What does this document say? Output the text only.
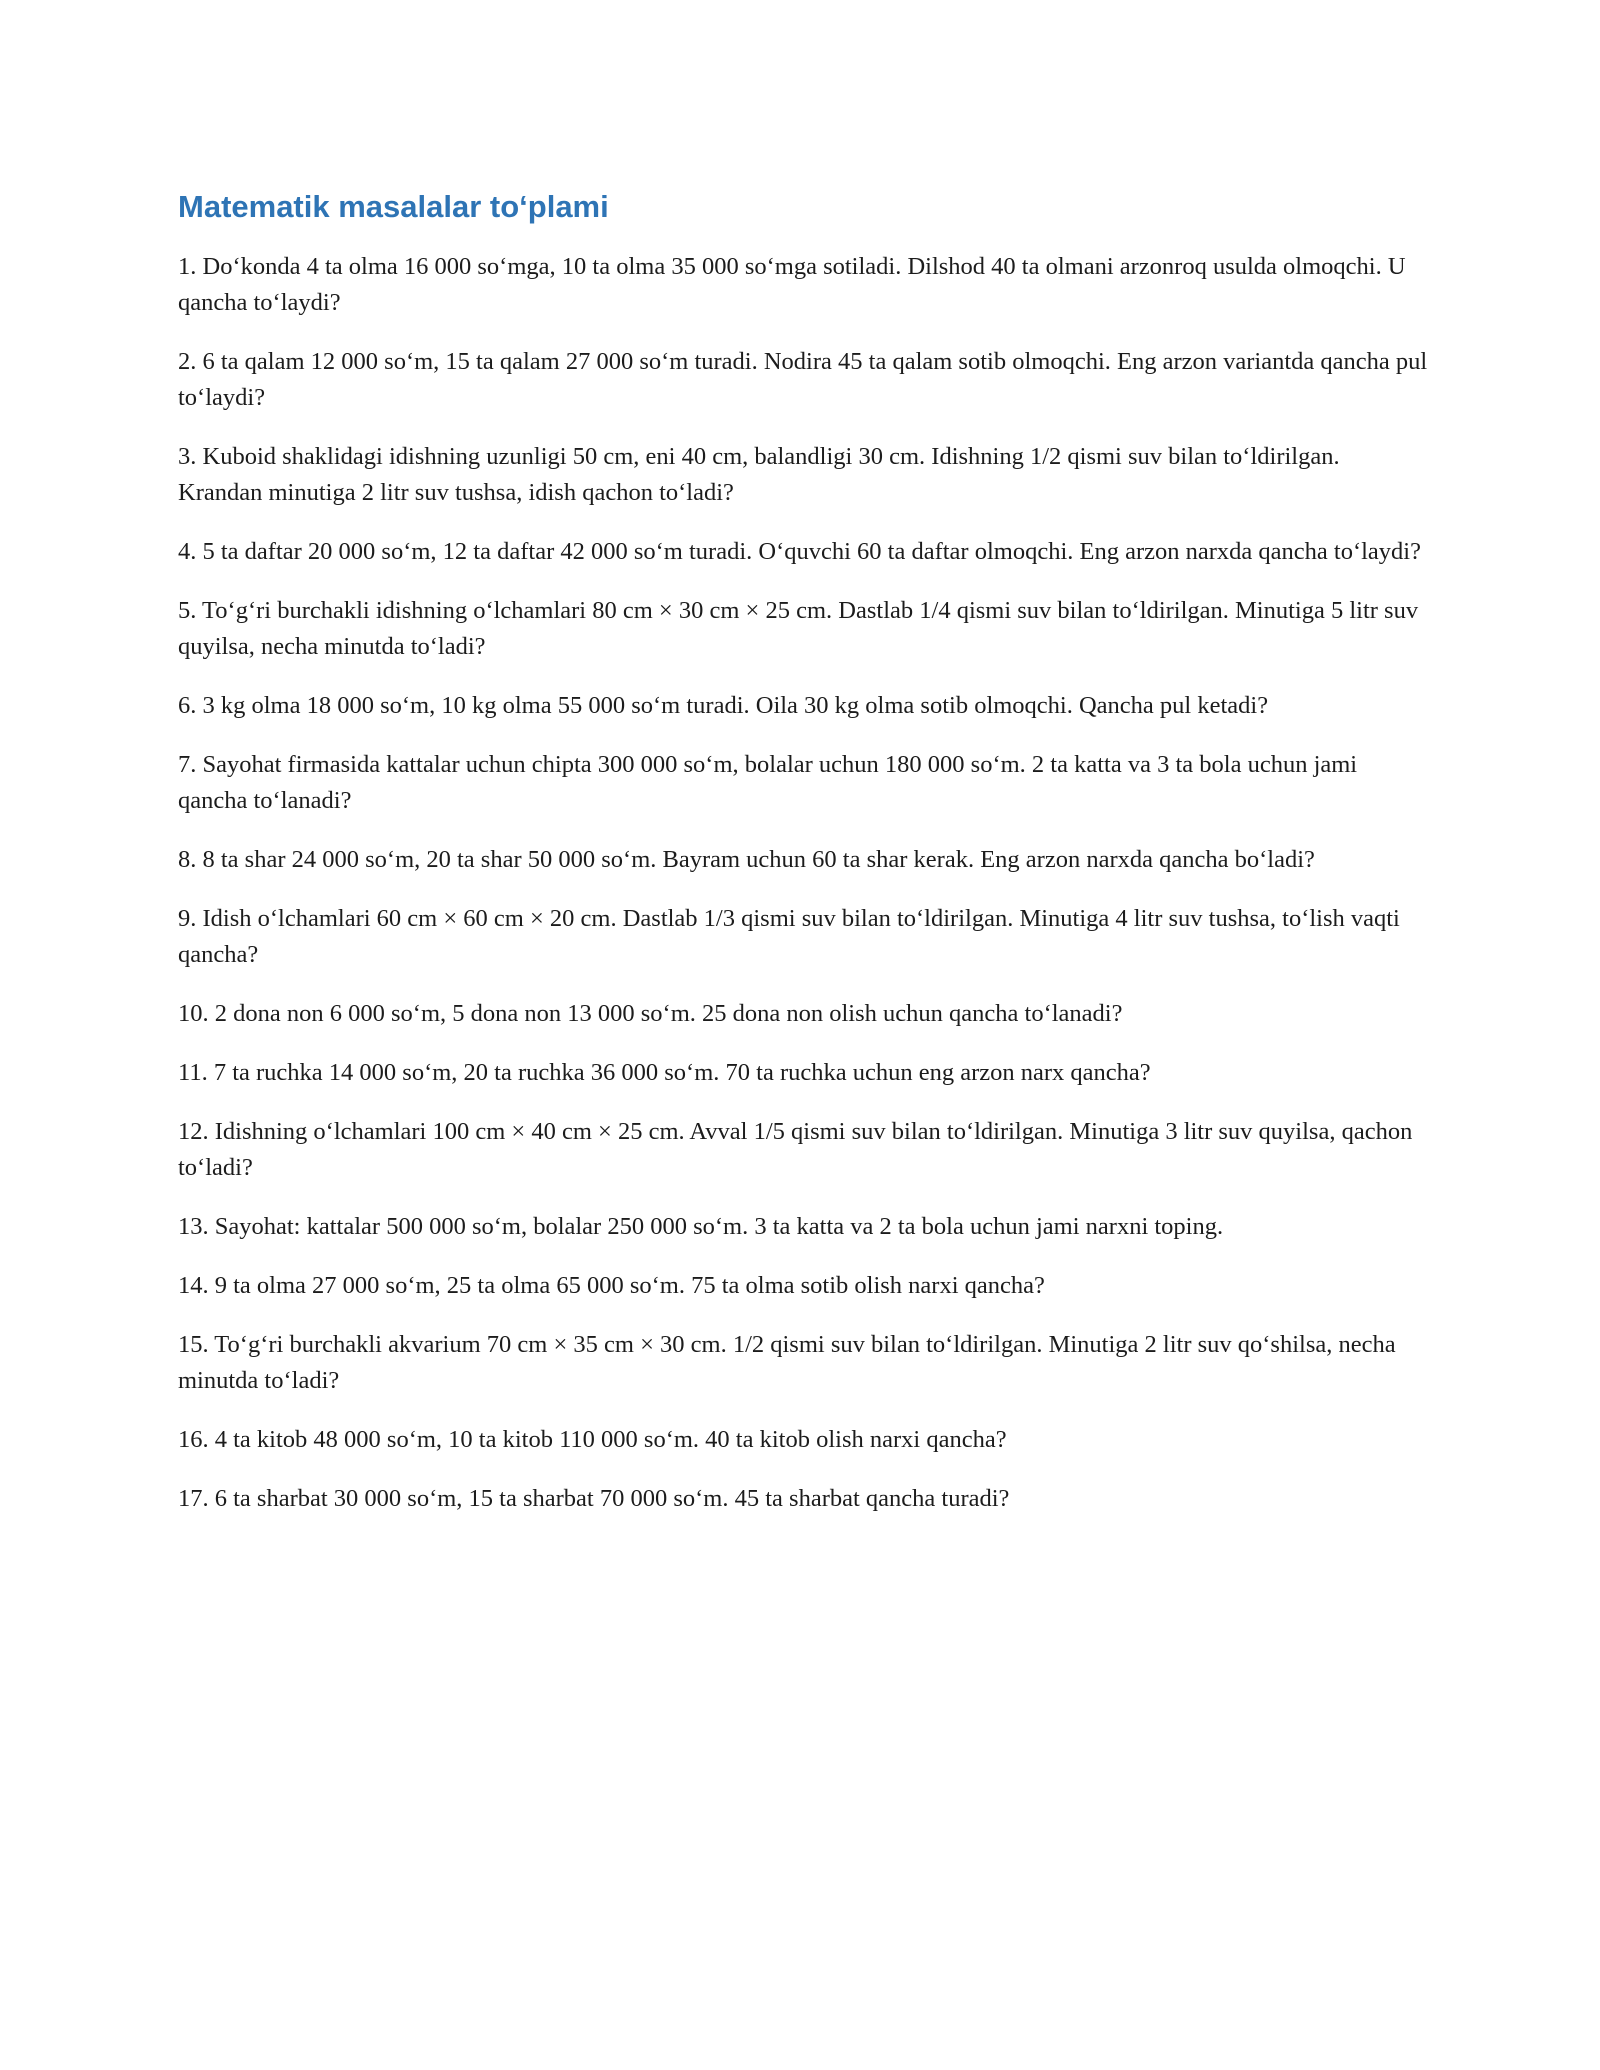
Matematik masalalar to‘plami

1. Do‘konda 4 ta olma 16 000 so‘mga, 10 ta olma 35 000 so‘mga sotiladi. Dilshod 40 ta olmani arzonroq usulda olmoqchi. U qancha to‘laydi?

2. 6 ta qalam 12 000 so‘m, 15 ta qalam 27 000 so‘m turadi. Nodira 45 ta qalam sotib olmoqchi. Eng arzon variantda qancha pul to‘laydi?

3. Kuboid shaklidagi idishning uzunligi 50 cm, eni 40 cm, balandligi 30 cm. Idishning 1/2 qismi suv bilan to‘ldirilgan. Krandan minutiga 2 litr suv tushsa, idish qachon to‘ladi?

4. 5 ta daftar 20 000 so‘m, 12 ta daftar 42 000 so‘m turadi. O‘quvchi 60 ta daftar olmoqchi. Eng arzon narxda qancha to‘laydi?

5. To‘g‘ri burchakli idishning o‘lchamlari 80 cm × 30 cm × 25 cm. Dastlab 1/4 qismi suv bilan to‘ldirilgan. Minutiga 5 litr suv quyilsa, necha minutda to‘ladi?

6. 3 kg olma 18 000 so‘m, 10 kg olma 55 000 so‘m turadi. Oila 30 kg olma sotib olmoqchi. Qancha pul ketadi?

7. Sayohat firmasida kattalar uchun chipta 300 000 so‘m, bolalar uchun 180 000 so‘m. 2 ta katta va 3 ta bola uchun jami qancha to‘lanadi?

8. 8 ta shar 24 000 so‘m, 20 ta shar 50 000 so‘m. Bayram uchun 60 ta shar kerak. Eng arzon narxda qancha bo‘ladi?

9. Idish o‘lchamlari 60 cm × 60 cm × 20 cm. Dastlab 1/3 qismi suv bilan to‘ldirilgan. Minutiga 4 litr suv tushsa, to‘lish vaqti qancha?

10. 2 dona non 6 000 so‘m, 5 dona non 13 000 so‘m. 25 dona non olish uchun qancha to‘lanadi?

11. 7 ta ruchka 14 000 so‘m, 20 ta ruchka 36 000 so‘m. 70 ta ruchka uchun eng arzon narx qancha?

12. Idishning o‘lchamlari 100 cm × 40 cm × 25 cm. Avval 1/5 qismi suv bilan to‘ldirilgan. Minutiga 3 litr suv quyilsa, qachon to‘ladi?

13. Sayohat: kattalar 500 000 so‘m, bolalar 250 000 so‘m. 3 ta katta va 2 ta bola uchun jami narxni toping.

14. 9 ta olma 27 000 so‘m, 25 ta olma 65 000 so‘m. 75 ta olma sotib olish narxi qancha?

15. To‘g‘ri burchakli akvarium 70 cm × 35 cm × 30 cm. 1/2 qismi suv bilan to‘ldirilgan. Minutiga 2 litr suv qo‘shilsa, necha minutda to‘ladi?

16. 4 ta kitob 48 000 so‘m, 10 ta kitob 110 000 so‘m. 40 ta kitob olish narxi qancha?

17. 6 ta sharbat 30 000 so‘m, 15 ta sharbat 70 000 so‘m. 45 ta sharbat qancha turadi?
